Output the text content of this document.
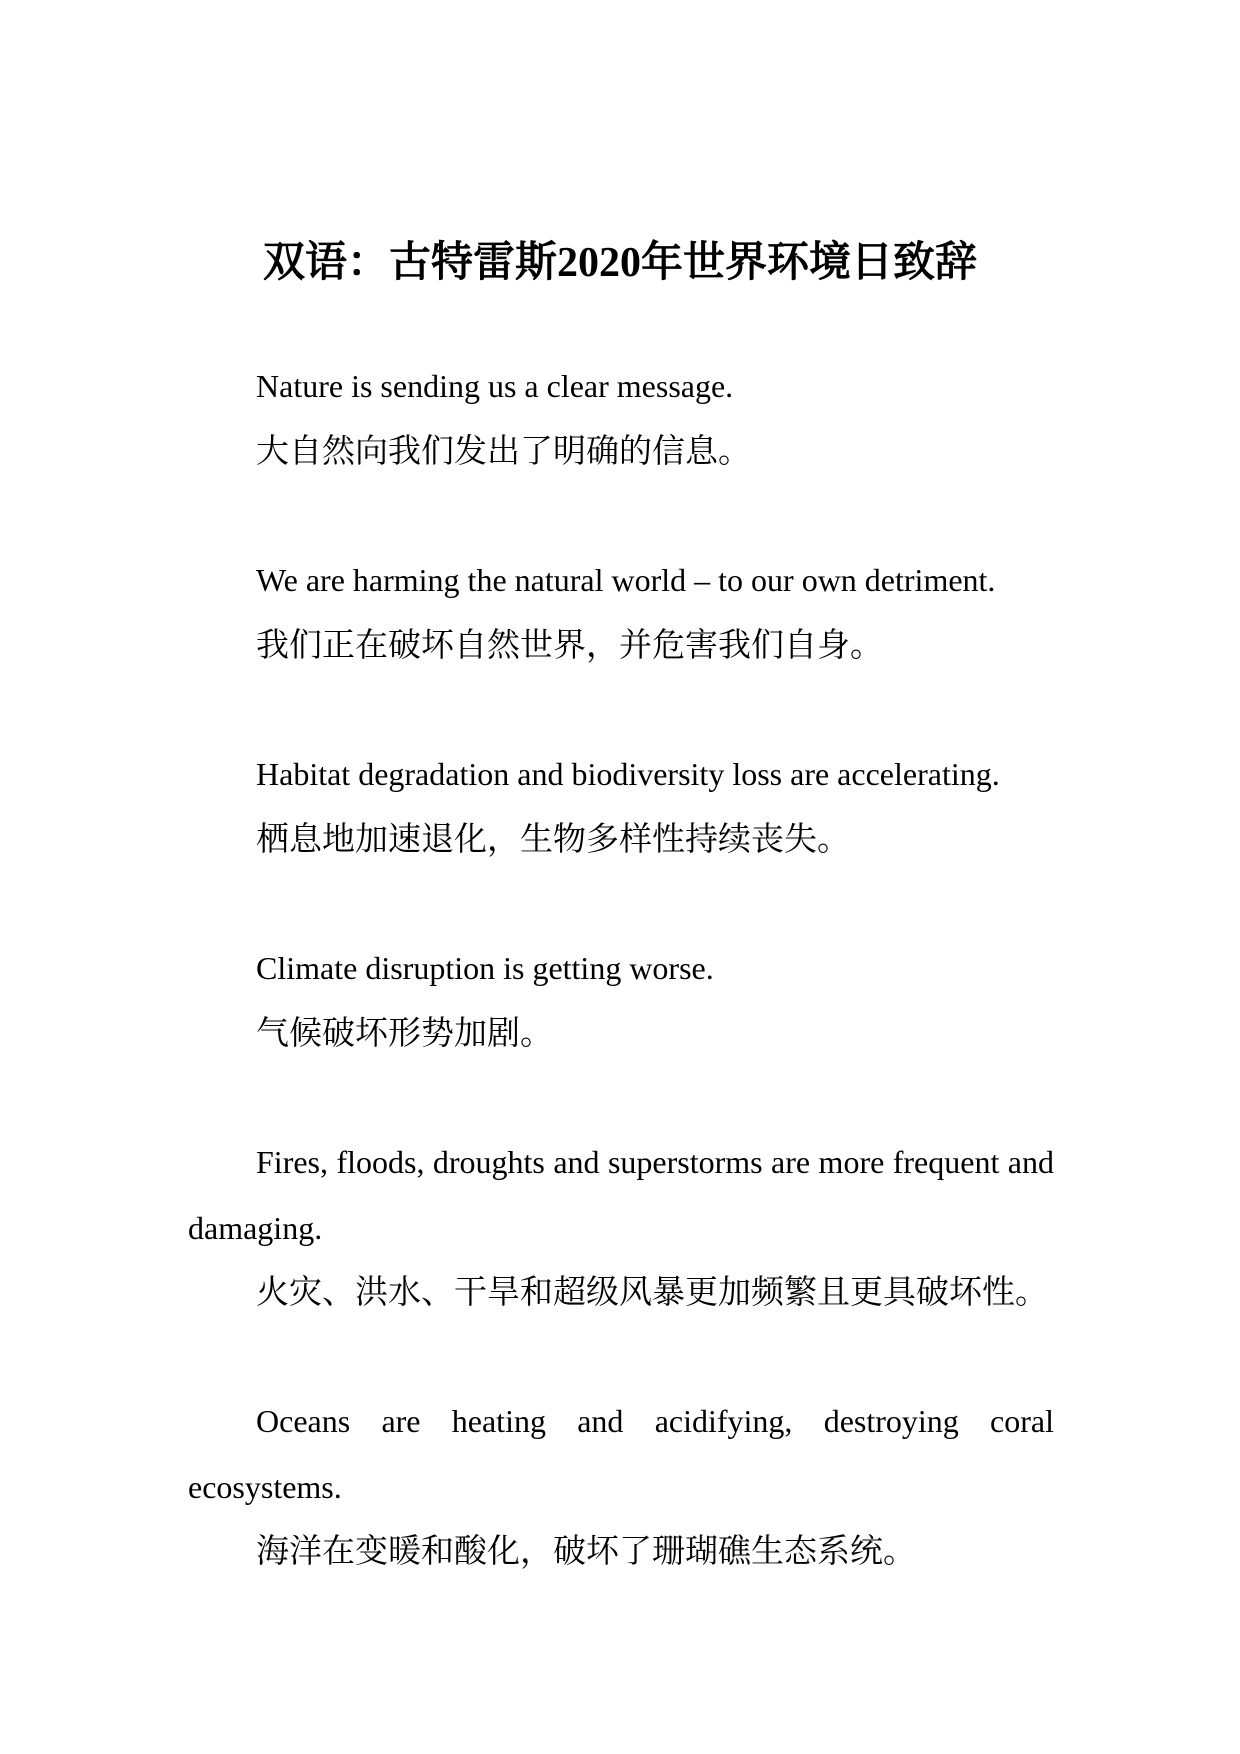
双语：古特雷斯2020年世界环境日致辞

Nature is sending us a clear message.

大自然向我们发出了明确的信息。

We are harming the natural world – to our own detriment.

我们正在破坏自然世界，并危害我们自身。

Habitat degradation and biodiversity loss are accelerating.

栖息地加速退化，生物多样性持续丧失。

Climate disruption is getting worse.

气候破坏形势加剧。

Fires, floods, droughts and superstorms are more frequent and damaging.

火灾、洪水、干旱和超级风暴更加频繁且更具破坏性。

Oceans are heating and acidifying, destroying coral ecosystems.

海洋在变暖和酸化，破坏了珊瑚礁生态系统。
